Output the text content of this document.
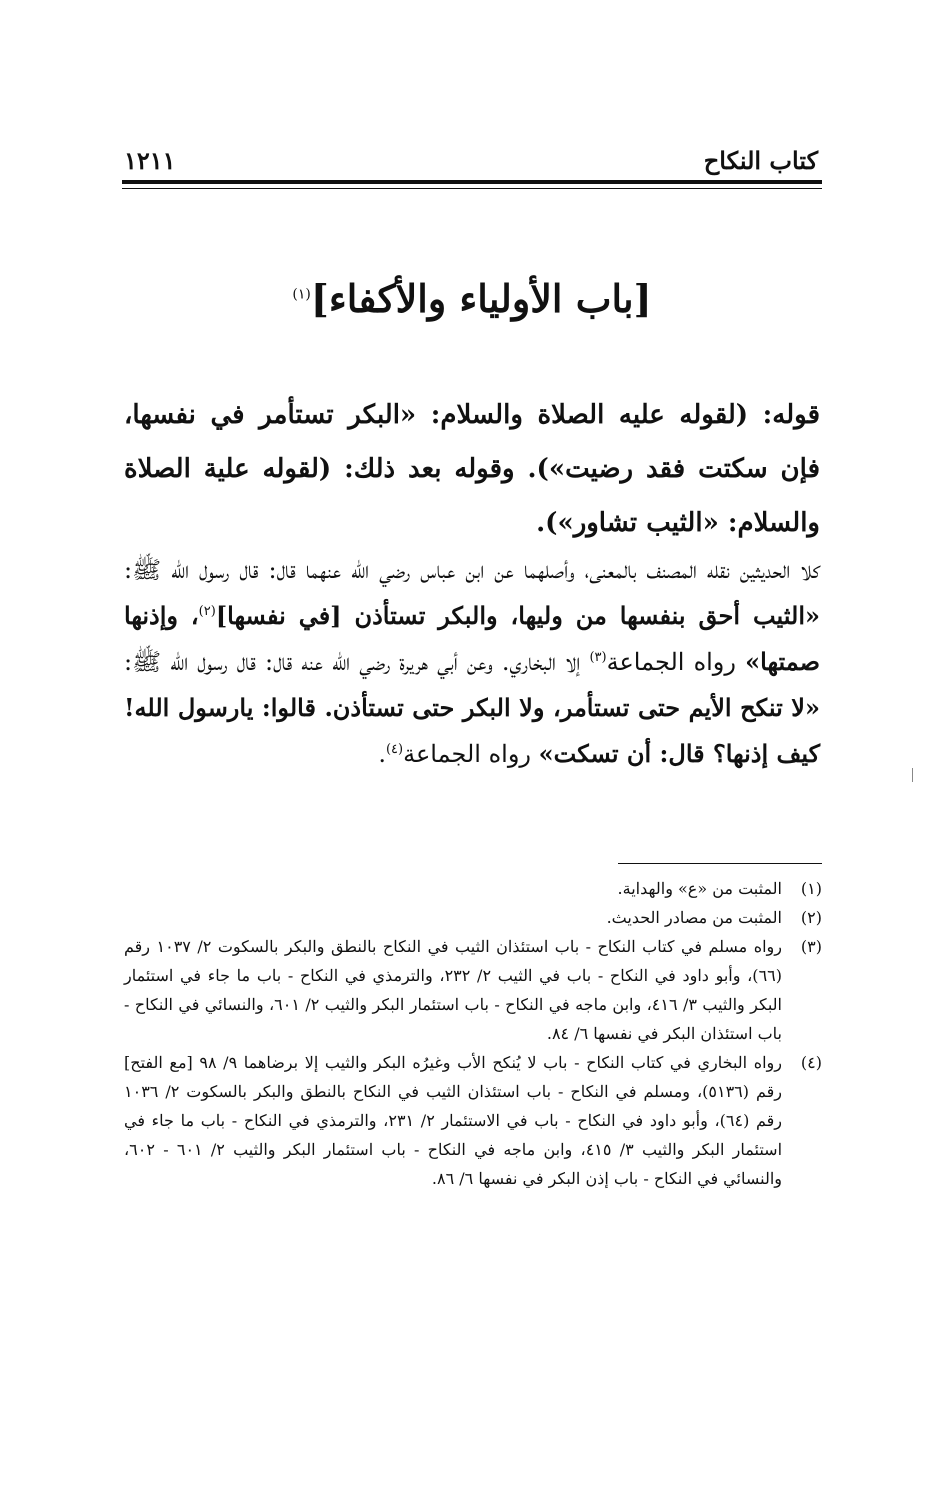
كتاب النكاح
١٢١١
[باب الأولياء والأكفاء]$^{(١)}$
قوله: (لقوله عليه الصلاة والسلام: «البكر تستأمر في نفسها، فإن سكتت فقد رضيت»). وقوله بعد ذلك: (لقوله علية الصلاة والسلام: «الثيب تشاور»).
كلا الحديثين نقله المصنف بالمعنى، وأصلهما عن ابن عباس رضي الله عنهما قال: قال رسول الله ﷺ: «الثيب أحق بنفسها من وليها، والبكر تستأذن [في نفسها]$^{(٢)}$، وإذنها صمتها» رواه الجماعة$^{(٣)}$ إلا البخاري. وعن أبي هريرة رضي الله عنه قال: قال رسول الله ﷺ: «لا تنكح الأيم حتى تستأمر، ولا البكر حتى تستأذن. قالوا: يارسول الله! كيف إذنها؟ قال: أن تسكت» رواه الجماعة$^{(٤)}$.
(١)
المثبت من «ع» والهداية.
(٢)
المثبت من مصادر الحديث.
(٣)
رواه مسلم في كتاب النكاح - باب استئذان الثيب في النكاح بالنطق والبكر بالسكوت ٢/ ١٠٣٧ رقم (٦٦)، وأبو داود في النكاح - باب في الثيب ٢/ ٢٣٢، والترمذي في النكاح - باب ما جاء في استئمار البكر والثيب ٣/ ٤١٦، وابن ماجه في النكاح - باب استئمار البكر والثيب ٢/ ٦٠١، والنسائي في النكاح - باب استئذان البكر في نفسها ٦/ ٨٤.
(٤)
رواه البخاري في كتاب النكاح - باب لا يُنكح الأب وغيرُه البكر والثيب إلا برضاهما ٩/ ٩٨ [مع الفتح] رقم (٥١٣٦)، ومسلم في النكاح - باب استئذان الثيب في النكاح بالنطق والبكر بالسكوت ٢/ ١٠٣٦ رقم (٦٤)، وأبو داود في النكاح - باب في الاستئمار ٢/ ٢٣١، والترمذي في النكاح - باب ما جاء في استئمار البكر والثيب ٣/ ٤١٥، وابن ماجه في النكاح - باب استئمار البكر والثيب ٢/ ٦٠١ - ٦٠٢، والنسائي في النكاح - باب إذن البكر في نفسها ٦/ ٨٦.
